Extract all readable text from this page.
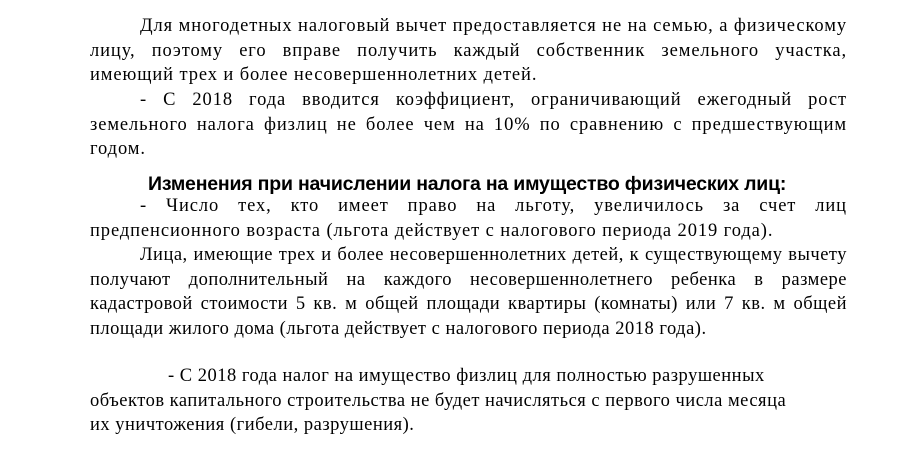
Для многодетных налоговый вычет предоставляется не на семью, а физическому лицу, поэтому его вправе получить каждый собственник земельного участка, имеющий трех и более несовершеннолетних детей.

- С 2018 года вводится коэффициент, ограничивающий ежегодный рост земельного налога физлиц не более чем на 10% по сравнению с предшествующим годом.

Изменения при начислении налога на имущество физических лиц:

- Число тех, кто имеет право на льготу, увеличилось за счет лиц предпенсионного возраста (льгота действует с налогового периода 2019 года).

Лица, имеющие трех и более несовершеннолетних детей, к существующему вычету получают дополнительный на каждого несовершеннолетнего ребенка в размере кадастровой стоимости 5 кв. м общей площади квартиры (комнаты) или 7 кв. м общей площади жилого дома (льгота действует с налогового периода 2018 года).

- С 2018 года налог на имущество физлиц для полностью разрушенных
объектов капитального строительства не будет начисляться с первого числа месяца
их уничтожения (гибели, разрушения).
